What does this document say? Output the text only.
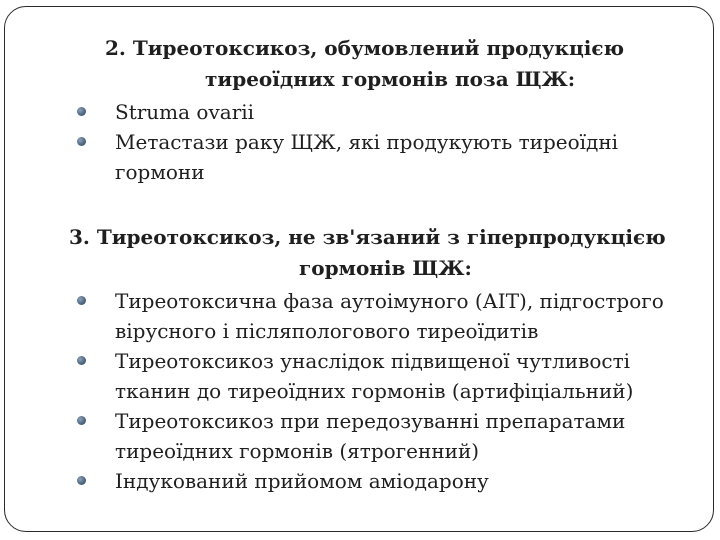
2. Тиреотоксикоз, обумовлений продукцією
тиреоїдних гормонів поза ЩЖ:
Struma ovarii
Метастази раку ЩЖ, які продукують тиреоїдні
гормони
3. Тиреотоксикоз, не зв'язаний з гіперпродукцією
гормонів ЩЖ:
Тиреотоксична фаза аутоімуного (АІТ), підгострого
вірусного і післяпологового тиреоїдитів
Тиреотоксикоз унаслідок підвищеної чутливості
тканин до тиреоїдних гормонів (артифіціальний)
Тиреотоксикоз при передозуванні препаратами
тиреоїдних гормонів (ятрогенний)
Індукований прийомом аміодарону
